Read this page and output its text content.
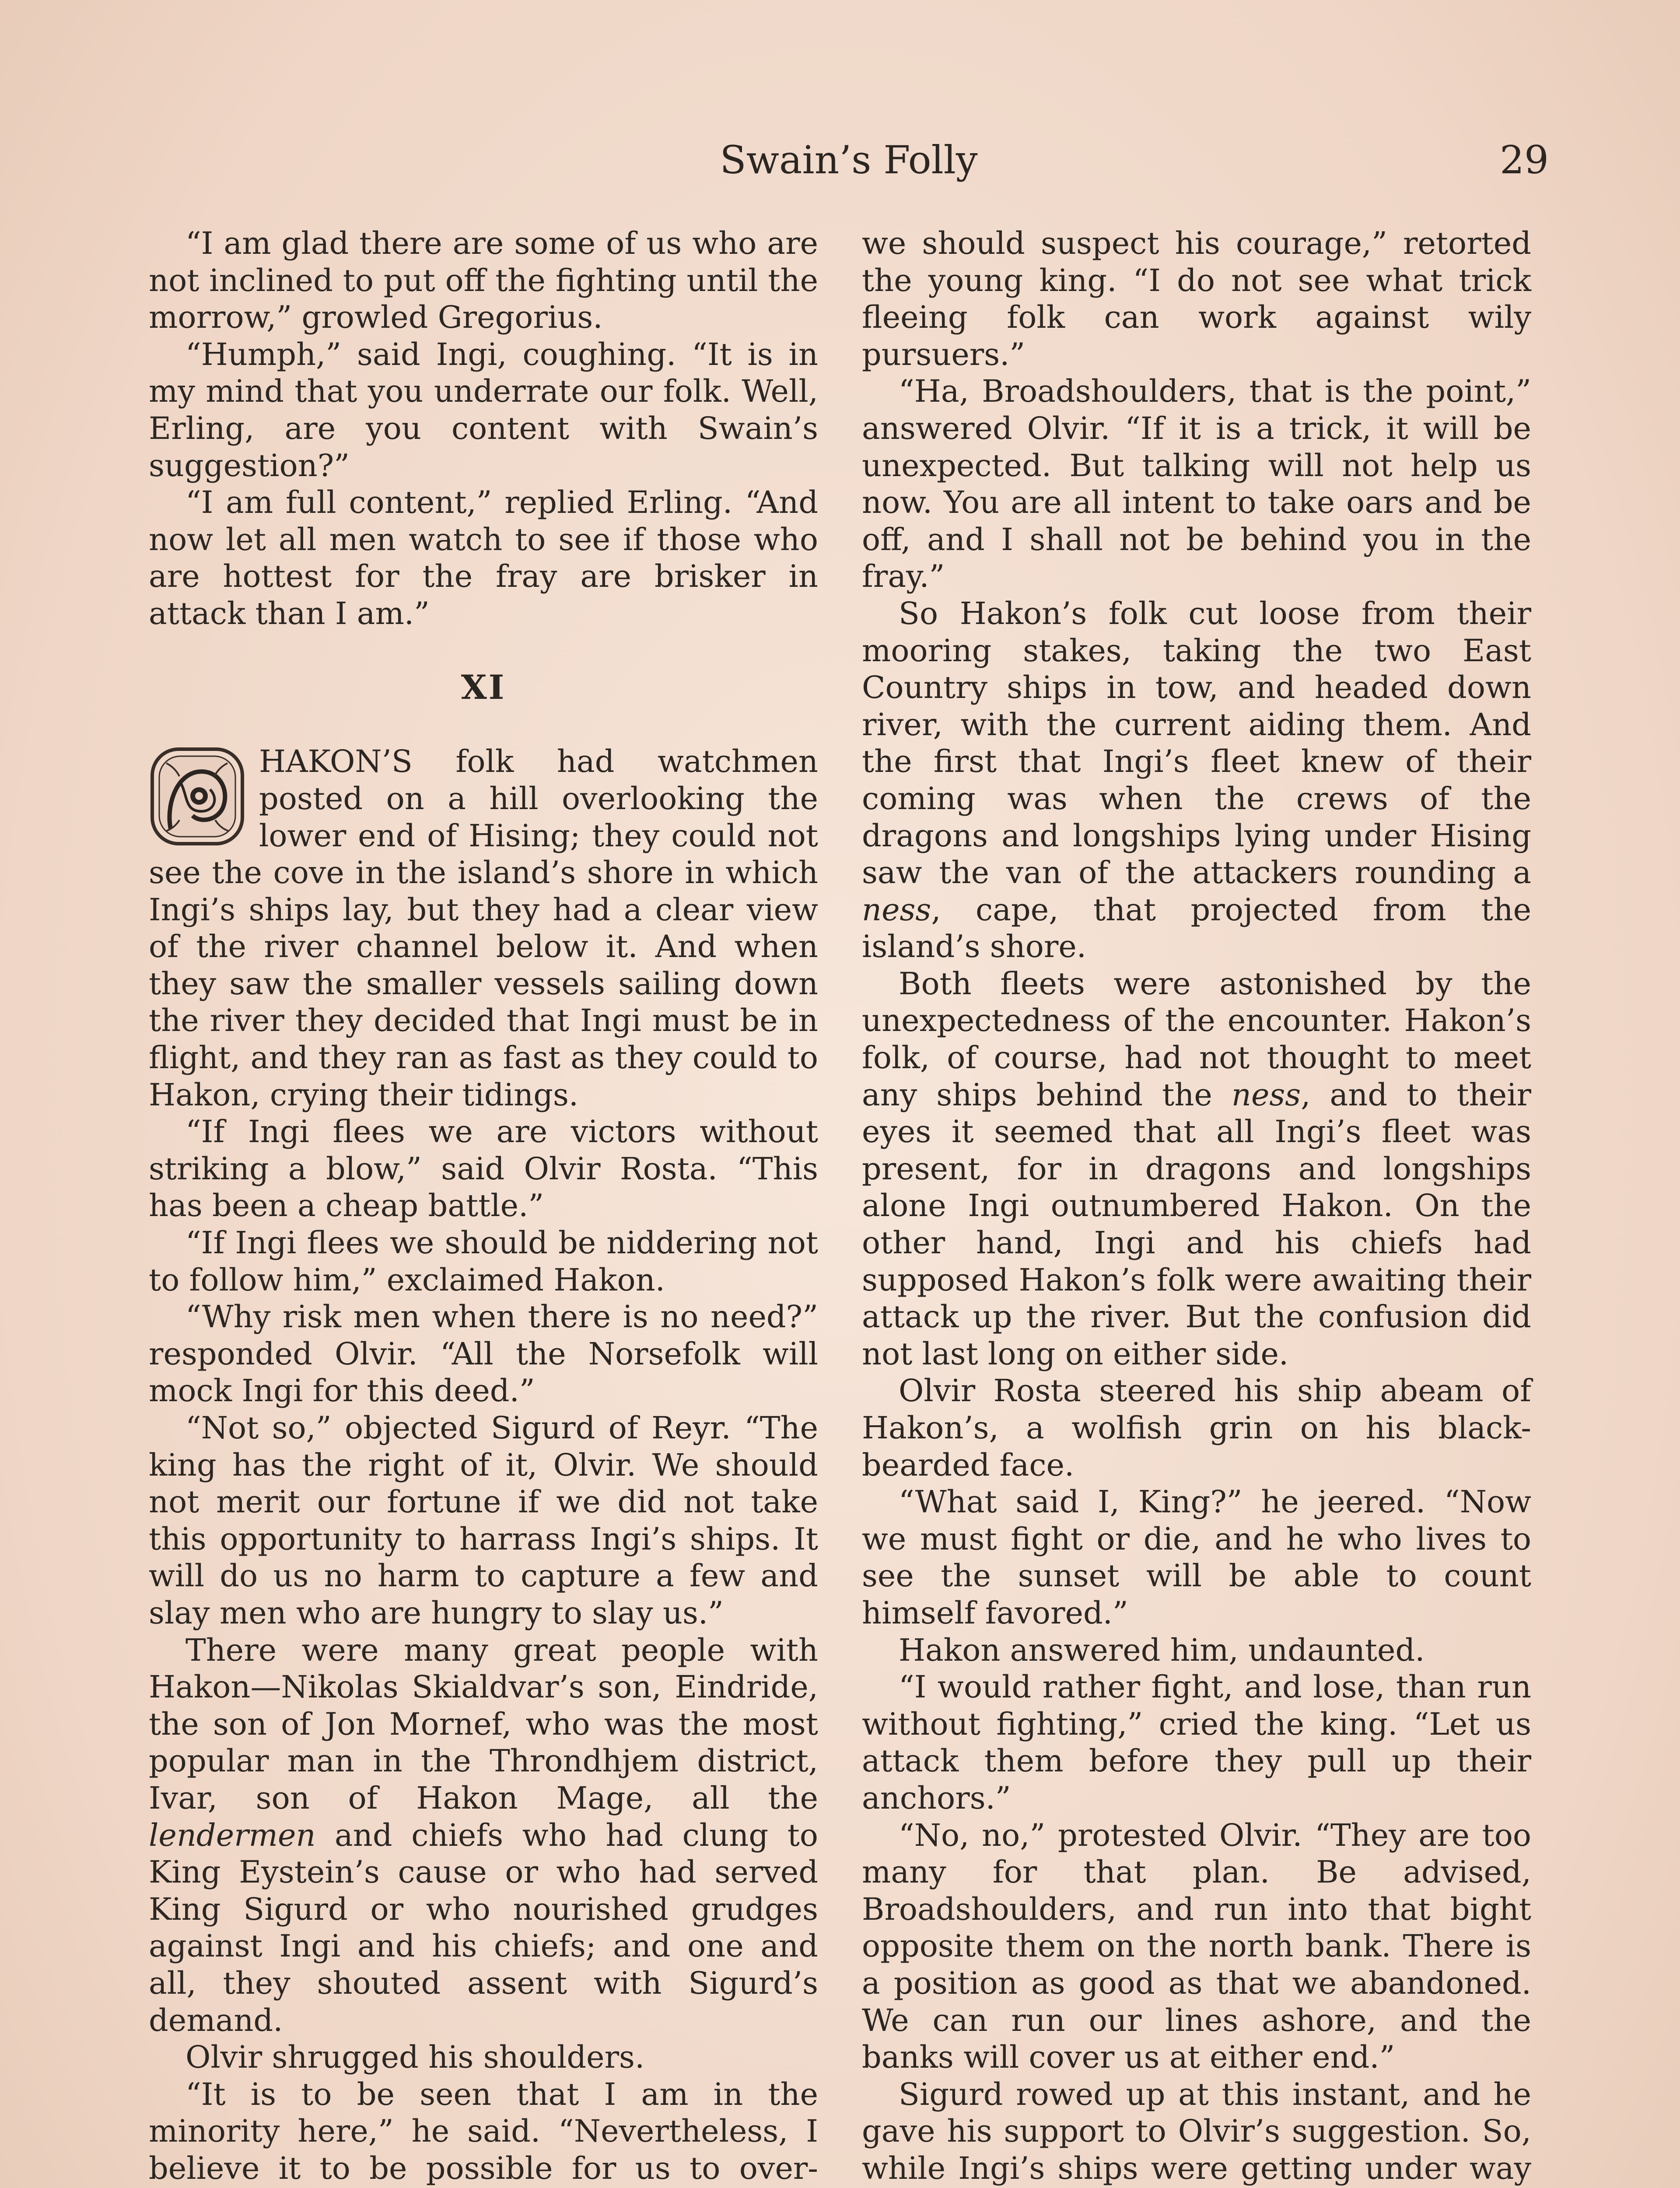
Swain’s Folly	29

“I am glad there are some of us who are not inclined to put off the fighting until the morrow,” growled Gregorius.

“Humph,” said Ingi, coughing. “It is in my mind that you underrate our folk. Well, Erling, are you content with Swain’s suggestion?”

“I am full content,” replied Erling. “And now let all men watch to see if those who are hottest for the fray are brisker in attack than I am.”

XI

O
HAKON’S folk had watchmen posted on a hill overlooking the lower end of Hising; they could not see the cove in the island’s shore in which Ingi’s ships lay, but they had a clear view of the river channel below it. And when they saw the smaller vessels sailing down the river they decided that Ingi must be in flight, and they ran as fast as they could to Hakon, crying their tidings.

“If Ingi flees we are victors without striking a blow,” said Olvir Rosta. “This has been a cheap battle.”

“If Ingi flees we should be niddering not to follow him,” exclaimed Hakon.

“Why risk men when there is no need?” responded Olvir. “All the Norsefolk will mock Ingi for this deed.”

“Not so,” objected Sigurd of Reyr. “The king has the right of it, Olvir. We should not merit our fortune if we did not take this opportunity to harrass Ingi’s ships. It will do us no harm to capture a few and slay men who are hungry to slay us.”

There were many great people with Hakon—Nikolas Skialdvar’s son, Eindride, the son of Jon Mornef, who was the most popular man in the Throndhjem district, Ivar, son of Hakon Mage, all the lendermen and chiefs who had clung to King Eystein’s cause or who had served King Sigurd or who nourished grudges against Ingi and his chiefs; and one and all, they shouted assent with Sigurd’s demand.

Olvir shrugged his shoulders.

“It is to be seen that I am in the minority here,” he said. “Nevertheless, I believe it to be possible for us to over-

we should suspect his courage,” retorted the young king. “I do not see what trick fleeing folk can work against wily pursuers.”

“Ha, Broadshoulders, that is the point,” answered Olvir. “If it is a trick, it will be unexpected. But talking will not help us now. You are all intent to take oars and be off, and I shall not be behind you in the fray.”

So Hakon’s folk cut loose from their mooring stakes, taking the two East Country ships in tow, and headed down river, with the current aiding them. And the first that Ingi’s fleet knew of their coming was when the crews of the dragons and longships lying under Hising saw the van of the attackers rounding a ness, cape, that projected from the island’s shore.

Both fleets were astonished by the unexpectedness of the encounter. Hakon’s folk, of course, had not thought to meet any ships behind the ness, and to their eyes it seemed that all Ingi’s fleet was present, for in dragons and longships alone Ingi outnumbered Hakon. On the other hand, Ingi and his chiefs had supposed Hakon’s folk were awaiting their attack up the river. But the confusion did not last long on either side.

Olvir Rosta steered his ship abeam of Hakon’s, a wolfish grin on his black-bearded face.

“What said I, King?” he jeered. “Now we must fight or die, and he who lives to see the sunset will be able to count himself favored.”

Hakon answered him, undaunted.

“I would rather fight, and lose, than run without fighting,” cried the king. “Let us attack them before they pull up their anchors.”

“No, no,” protested Olvir. “They are too many for that plan. Be advised, Broadshoulders, and run into that bight opposite them on the north bank. There is a position as good as that we abandoned. We can run our lines ashore, and the banks will cover us at either end.”

Sigurd rowed up at this instant, and he gave his support to Olvir’s suggestion. So, while Ingi’s ships were getting under way
